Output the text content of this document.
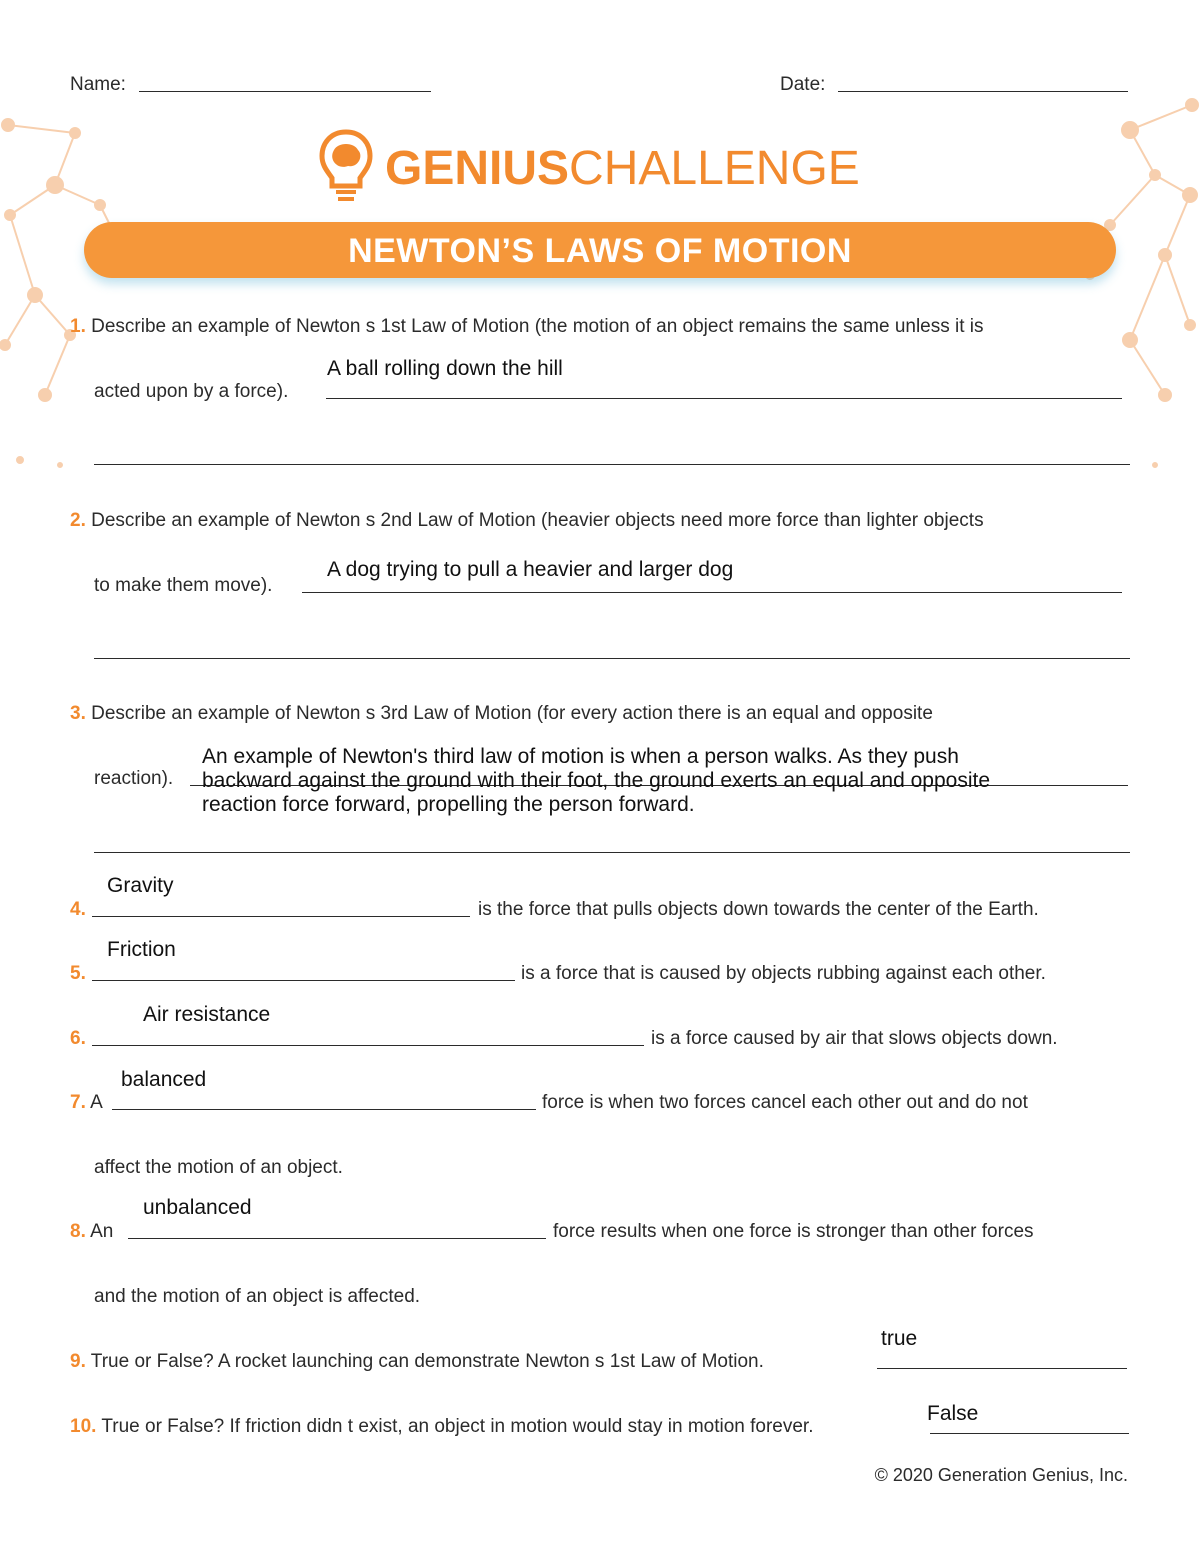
Name:	Date:
GENIUSCHALLENGE
NEWTON’S LAWS OF MOTION
1. Describe an example of Newton s 1st Law of Motion (the motion of an object remains the same unless it is
acted upon by a force).
A ball rolling down the hill
2. Describe an example of Newton s 2nd Law of Motion (heavier objects need more force than lighter objects
to make them move).
A dog trying to pull a heavier and larger dog
3. Describe an example of Newton s 3rd Law of Motion (for every action there is an equal and opposite
reaction).
An example of Newton's third law of motion is when a person walks. As they push
backward against the ground with their foot, the ground exerts an equal and opposite
reaction force forward, propelling the person forward.
Gravity
4.	is the force that pulls objects down towards the center of the Earth.
Friction
5.	is a force that is caused by objects rubbing against each other.
Air resistance
6.	is a force caused by air that slows objects down.
balanced
7. A	force is when two forces cancel each other out and do not
affect the motion of an object.
unbalanced
8. An	force results when one force is stronger than other forces
and the motion of an object is affected.
9. True or False? A rocket launching can demonstrate Newton s 1st Law of Motion.
true
10. True or False? If friction didn t exist, an object in motion would stay in motion forever.
False
© 2020 Generation Genius, Inc.
